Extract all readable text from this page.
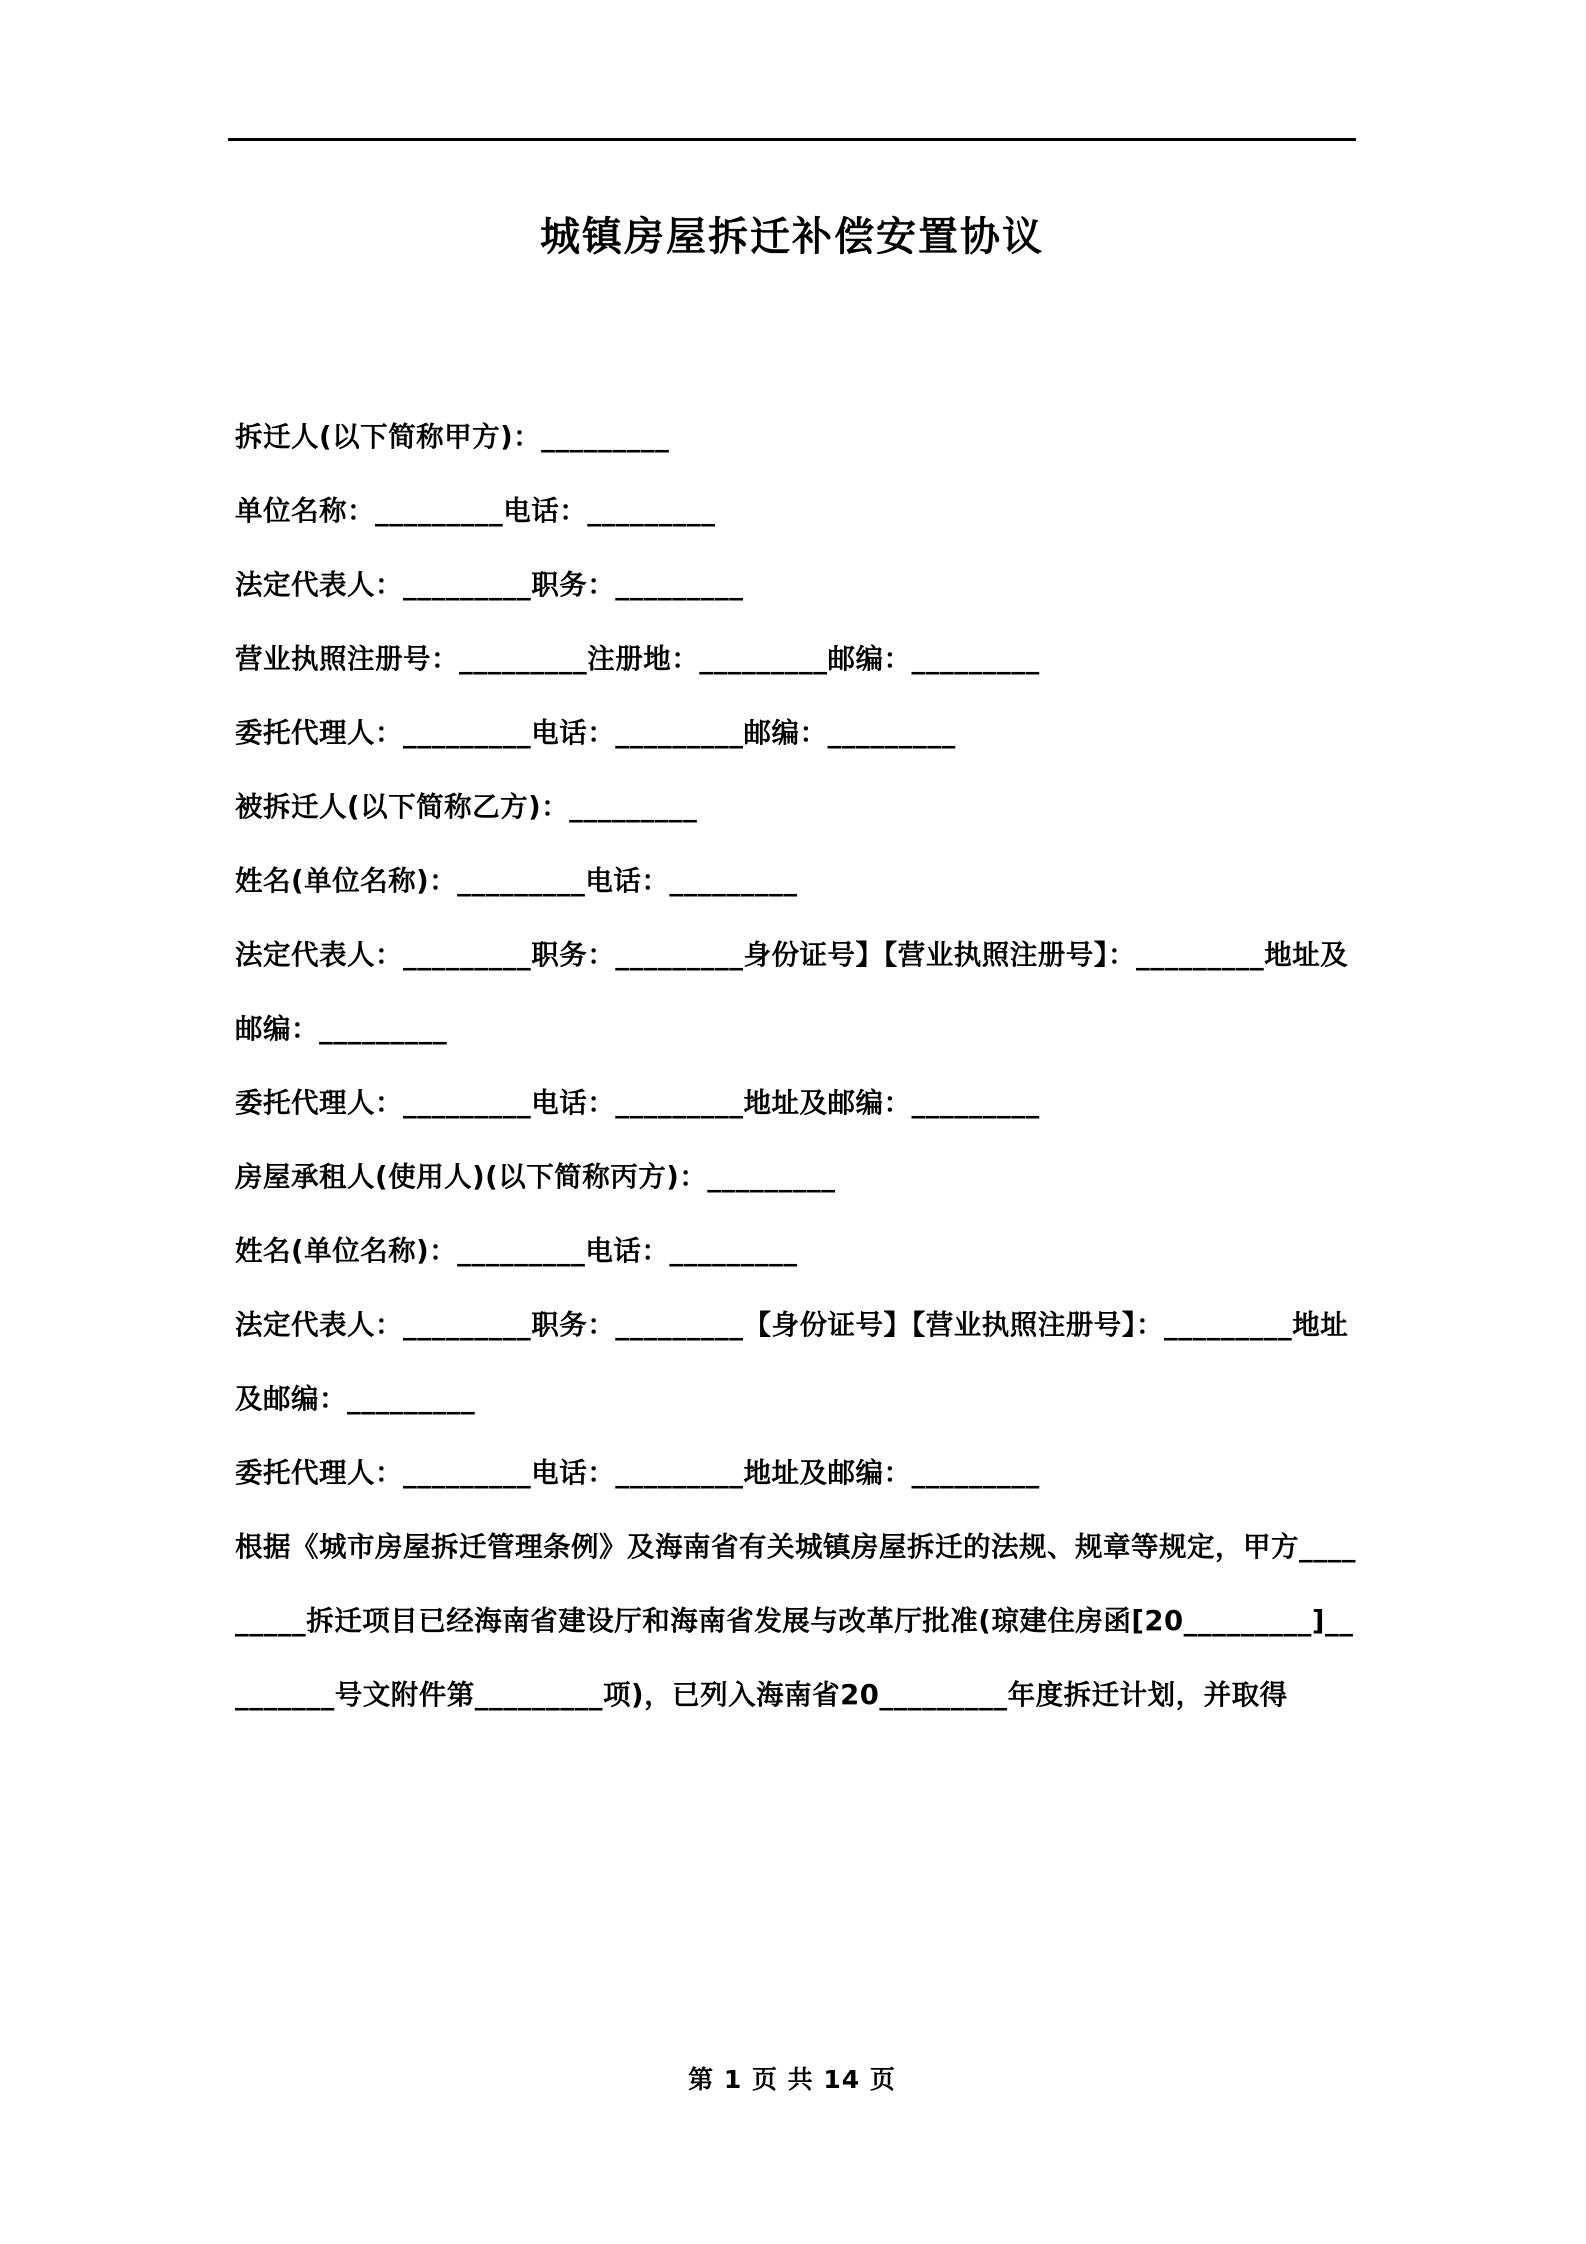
城镇房屋拆迁补偿安置协议
拆迁人(以下简称甲方)：_________
单位名称：_________电话：_________
法定代表人：_________职务：_________
营业执照注册号：_________注册地：_________邮编：_________
委托代理人：_________电话：_________邮编：_________
被拆迁人(以下简称乙方)：_________
姓名(单位名称)：_________电话：_________
法定代表人：_________职务：_________身份证号】【营业执照注册号】：_________地址及邮编：_________
委托代理人：_________电话：_________地址及邮编：_________
房屋承租人(使用人)(以下简称丙方)：_________
姓名(单位名称)：_________电话：_________
法定代表人：_________职务：_________【身份证号】【营业执照注册号】：_________地址及邮编：_________
委托代理人：_________电话：_________地址及邮编：_________
根据《城市房屋拆迁管理条例》及海南省有关城镇房屋拆迁的法规、规章等规定，甲方_________拆迁项目已经海南省建设厅和海南省发展与改革厅批准(琼建住房函[20_________]_________号文附件第_________项)，已列入海南省20_________年度拆迁计划，并取得
第 1 页 共 14 页
